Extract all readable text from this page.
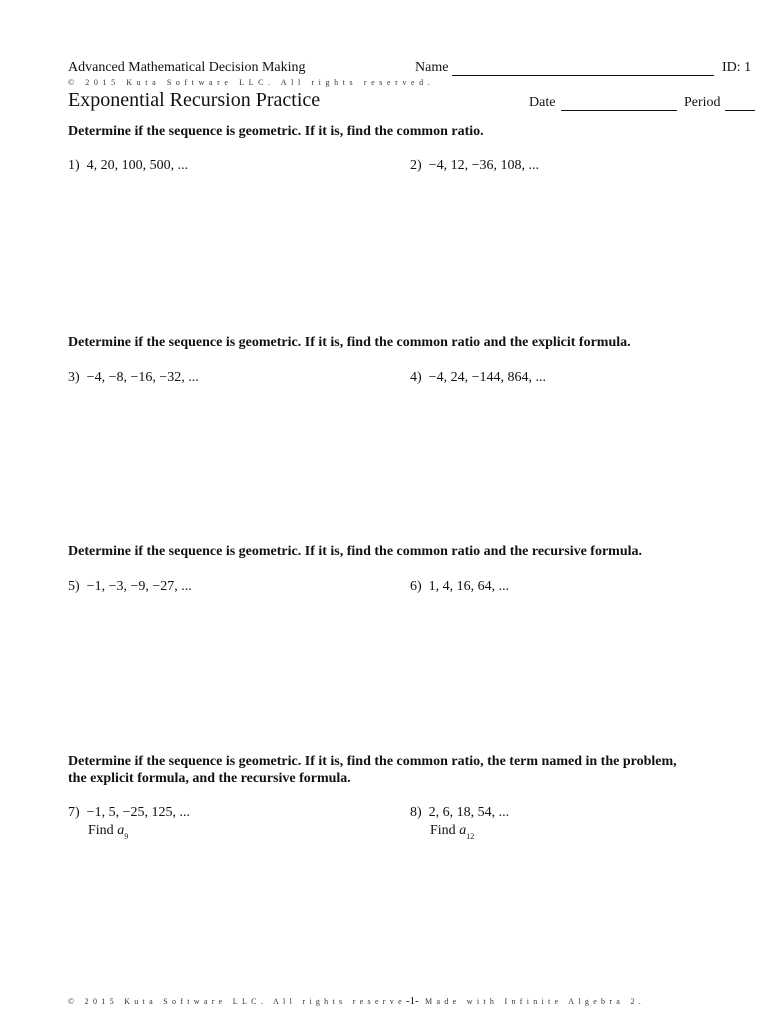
Advanced Mathematical Decision Making	Name	ID: 1
© 2015 Kuta Software LLC. All rights reserved.
Exponential Recursion Practice	Date	Period
Determine if the sequence is geometric. If it is, find the common ratio.
1) 4, 20, 100, 500, ...	2) −4, 12, −36, 108, ...
Determine if the sequence is geometric. If it is, find the common ratio and the explicit formula.
3) −4, −8, −16, −32, ...	4) −4, 24, −144, 864, ...
Determine if the sequence is geometric. If it is, find the common ratio and the recursive formula.
5) −1, −3, −9, −27, ...	6) 1, 4, 16, 64, ...
Determine if the sequence is geometric. If it is, find the common ratio, the term named in the problem, the explicit formula, and the recursive formula.
7) −1, 5, −25, 125, ...
Find $a_9$
8) 2, 6, 18, 54, ...
Find $a_{12}$
© 2015 Kuta Software LLC. All rights reserve-1- Made with Infinite Algebra 2.
